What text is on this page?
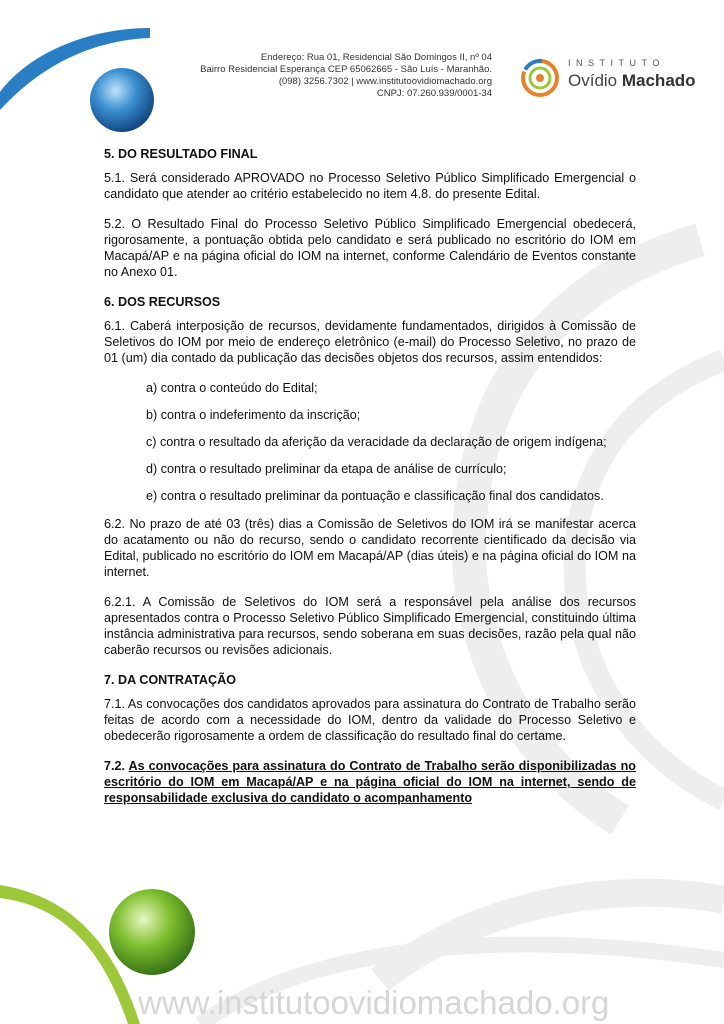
Endereço: Rua 01, Residencial São Domingos II, nº 04
Bairro Residencial Esperança CEP 65062665 - São Luís - Maranhão.
(098) 3256.7302 | www.institutoovidiomachado.org
CNPJ: 07.260.939/0001-34
INSTITUTO
Ovídio Machado
5. DO RESULTADO FINAL

5.1. Será considerado APROVADO no Processo Seletivo Público Simplificado Emergencial o candidato que atender ao critério estabelecido no item 4.8. do presente Edital.

5.2. O Resultado Final do Processo Seletivo Público Simplificado Emergencial obedecerá, rigorosamente, a pontuação obtida pelo candidato e será publicado no escritório do IOM em Macapá/AP e na página oficial do IOM na internet, conforme Calendário de Eventos constante no Anexo 01.

6. DOS RECURSOS

6.1. Caberá interposição de recursos, devidamente fundamentados, dirigidos à Comissão de Seletivos do IOM por meio de endereço eletrônico (e-mail) do Processo Seletivo, no prazo de 01 (um) dia contado da publicação das decisões objetos dos recursos, assim entendidos:

a) contra o conteúdo do Edital;
b) contra o indeferimento da inscrição;
c) contra o resultado da aferição da veracidade da declaração de origem indígena;
d) contra o resultado preliminar da etapa de análise de currículo;
e) contra o resultado preliminar da pontuação e classificação final dos candidatos.

6.2. No prazo de até 03 (três) dias a Comissão de Seletivos do IOM irá se manifestar acerca do acatamento ou não do recurso, sendo o candidato recorrente cientificado da decisão via Edital, publicado no escritório do IOM em Macapá/AP (dias úteis) e na página oficial do IOM na internet.

6.2.1. A Comissão de Seletivos do IOM será a responsável pela análise dos recursos apresentados contra o Processo Seletivo Público Simplificado Emergencial, constituindo última instância administrativa para recursos, sendo soberana em suas decisões, razão pela qual não caberão recursos ou revisões adicionais.

7. DA CONTRATAÇÃO

7.1. As convocações dos candidatos aprovados para assinatura do Contrato de Trabalho serão feitas de acordo com a necessidade do IOM, dentro da validade do Processo Seletivo e obedecerão rigorosamente a ordem de classificação do resultado final do certame.

7.2. As convocações para assinatura do Contrato de Trabalho serão disponibilizadas no escritório do IOM em Macapá/AP e na página oficial do IOM na internet, sendo de responsabilidade exclusiva do candidato o acompanhamento

www.institutoovidiomachado.org
